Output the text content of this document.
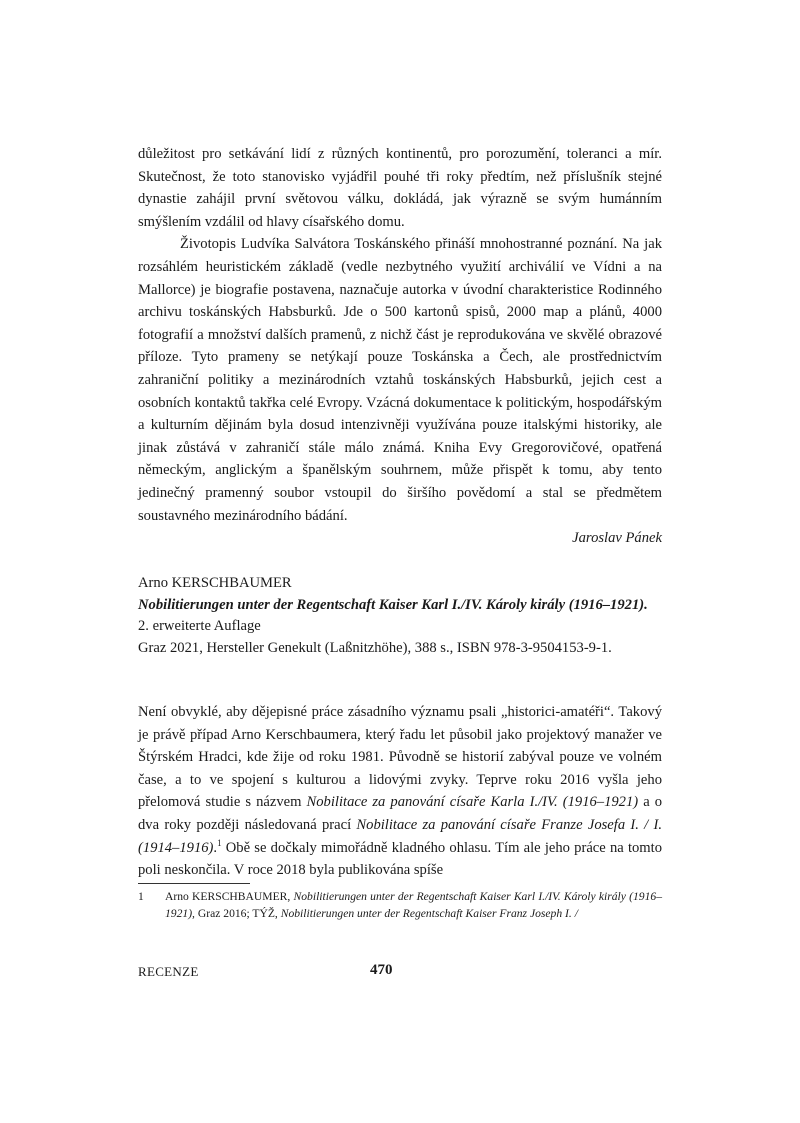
důležitost pro setkávání lidí z různých kontinentů, pro porozumění, toleranci a mír. Skutečnost, že toto stanovisko vyjádřil pouhé tři roky předtím, než příslušník stejné dynastie zahájil první světovou válku, dokládá, jak výrazně se svým humánním smýšlením vzdálil od hlavy císařského domu.

Životopis Ludvíka Salvátora Toskánského přináší mnohostranné poznání. Na jak rozsáhlém heuristickém základě (vedle nezbytného využití archiválií ve Vídni a na Mallorce) je biografie postavena, naznačuje autorka v úvodní charakteristice Rodinného archivu toskánských Habsburků. Jde o 500 kartonů spisů, 2000 map a plánů, 4000 fotografií a množství dalších pramenů, z nichž část je reprodukována ve skvělé obrazové příloze. Tyto prameny se netýkají pouze Toskánska a Čech, ale prostřednictvím zahraniční politiky a mezinárodních vztahů toskánských Habsburků, jejich cest a osobních kontaktů takřka celé Evropy. Vzácná dokumentace k politickým, hospodářským a kulturním dějinám byla dosud intenzivněji využívána pouze italskými historiky, ale jinak zůstává v zahraničí stále málo známá. Kniha Evy Gregorovičové, opatřená německým, anglickým a španělským souhrnem, může přispět k tomu, aby tento jedinečný pramenný soubor vstoupil do širšího povědomí a stal se předmětem soustavného mezinárodního bádání.

Jaroslav Pánek

Arno KERSCHBAUMER

Nobilitierungen unter der Regentschaft Kaiser Karl I./IV. Károly király (1916–1921).

2. erweiterte Auflage

Graz 2021, Hersteller Genekult (Laßnitzhöhe), 388 s., ISBN 978-3-9504153-9-1.

Není obvyklé, aby dějepisné práce zásadního významu psali „historici-amatéři“. Takový je právě případ Arno Kerschbaumera, který řadu let působil jako projektový manažer ve Štýrském Hradci, kde žije od roku 1981. Původně se historií zabýval pouze ve volném čase, a to ve spojení s kulturou a lidovými zvyky. Teprve roku 2016 vyšla jeho přelomová studie s názvem Nobilitace za panování císaře Karla I./IV. (1916–1921) a o dva roky později následovaná prací Nobilitace za panování císaře Franze Josefa I. / I. (1914–1916).$^1$ Obě se dočkaly mimořádně kladného ohlasu. Tím ale jeho práce na tomto poli neskončila. V roce 2018 byla publikována spíše

1 Arno KERSCHBAUMER, Nobilitierungen unter der Regentschaft Kaiser Karl I./IV. Károly király (1916–1921), Graz 2016; TÝŽ, Nobilitierungen unter der Regentschaft Kaiser Franz Joseph I. /

RECENZE	470
